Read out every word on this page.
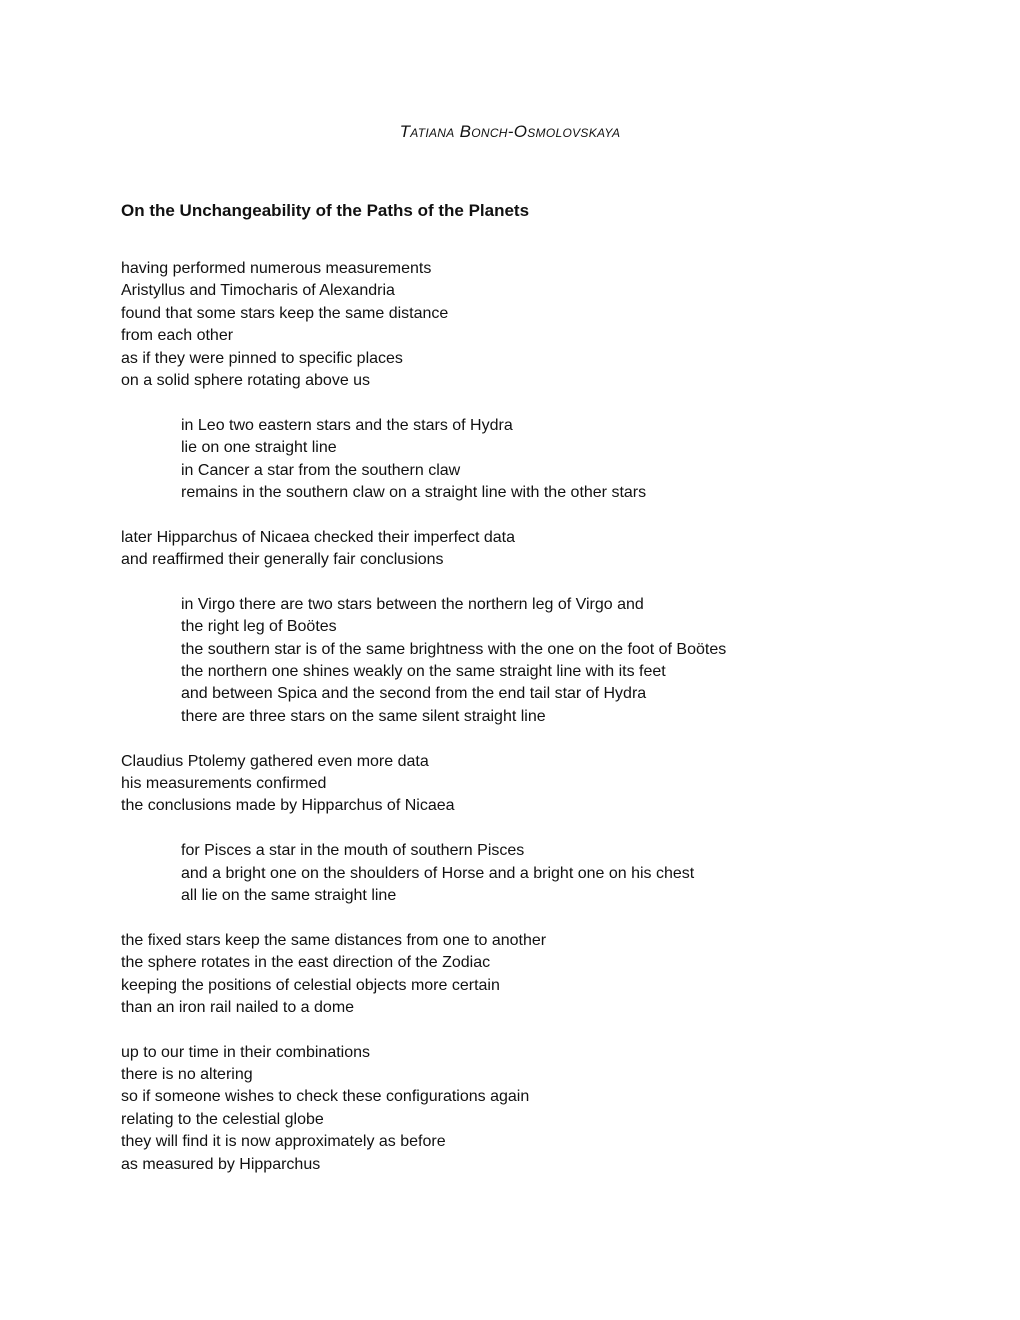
Tatiana Bonch-Osmolovskaya
On the Unchangeability of the Paths of the Planets
having performed numerous measurements
Aristyllus and Timocharis of Alexandria
found that some stars keep the same distance
from each other
as if they were pinned to specific places
on a solid sphere rotating above us
in Leo two eastern stars and the stars of Hydra
lie on one straight line
in Cancer a star from the southern claw
remains in the southern claw on a straight line with the other stars
later Hipparchus of Nicaea checked their imperfect data
and reaffirmed their generally fair conclusions
in Virgo there are two stars between the northern leg of Virgo and
the right leg of Boötes
the southern star is of the same brightness with the one on the foot of Boötes
the northern one shines weakly on the same straight line with its feet
and between Spica and the second from the end tail star of Hydra
there are three stars on the same silent straight line
Claudius Ptolemy gathered even more data
his measurements confirmed
the conclusions made by Hipparchus of Nicaea
for Pisces a star in the mouth of southern Pisces
and a bright one on the shoulders of Horse and a bright one on his chest
all lie on the same straight line
the fixed stars keep the same distances from one to another
the sphere rotates in the east direction of the Zodiac
keeping the positions of celestial objects more certain
than an iron rail nailed to a dome
up to our time in their combinations
there is no altering
so if someone wishes to check these configurations again
relating to the celestial globe
they will find it is now approximately as before
as measured by Hipparchus
